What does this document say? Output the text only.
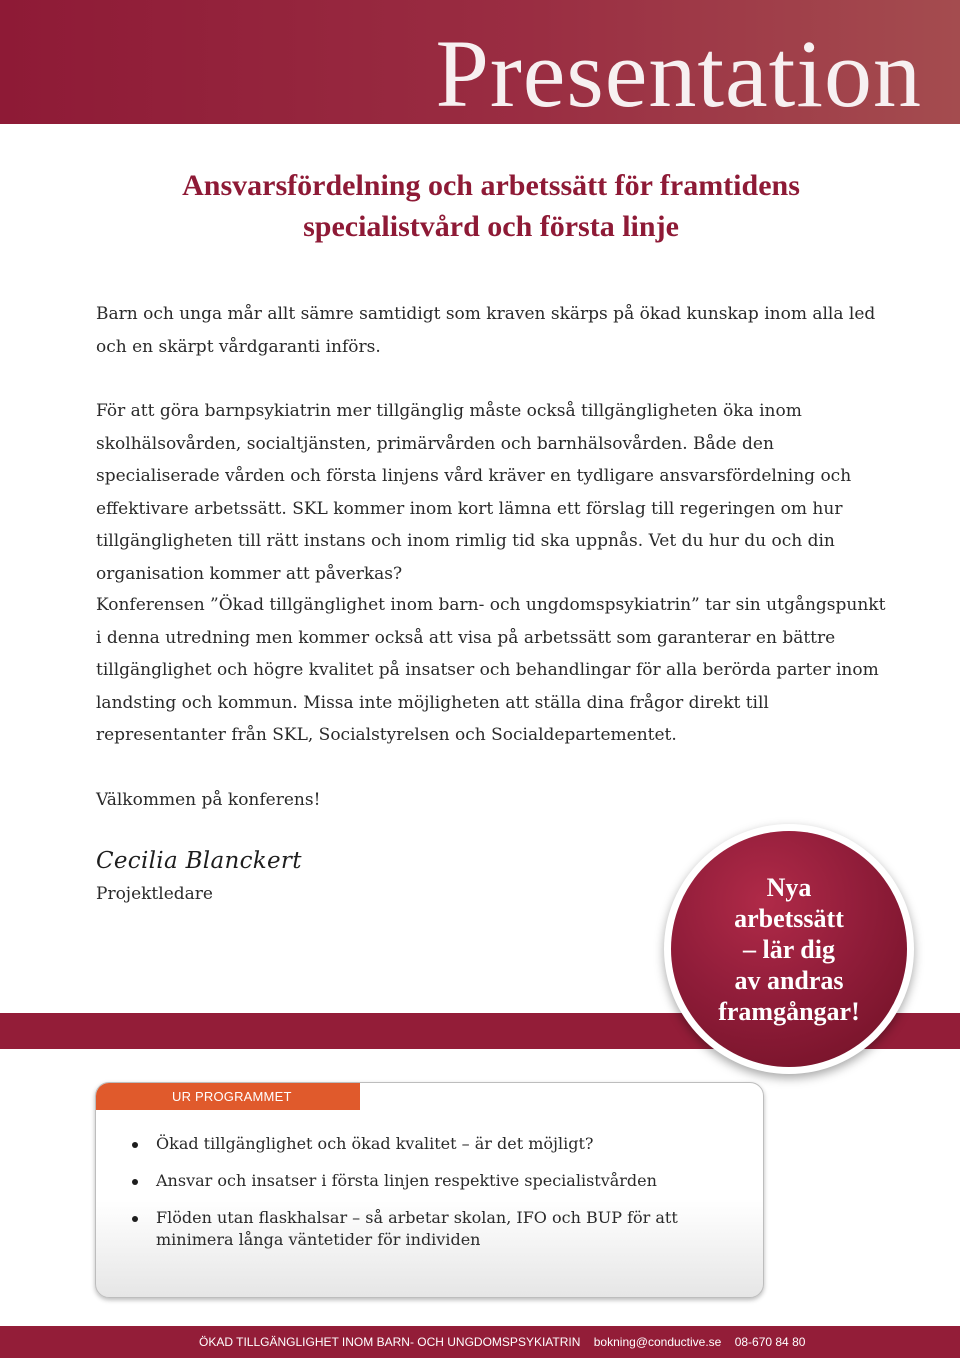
Presentation
Ansvarsfördelning och arbetssätt för framtidens
specialistvård och första linje

Barn och unga mår allt sämre samtidigt som kraven skärps på ökad kunskap inom alla led och en skärpt vårdgaranti införs.

För att göra barnpsykiatrin mer tillgänglig måste också tillgängligheten öka inom skolhälsovården, socialtjänsten, primärvården och barnhälsovården. Både den specialiserade vården och första linjens vård kräver en tydligare ansvarsfördelning och effektivare arbetssätt. SKL kommer inom kort lämna ett förslag till regeringen om hur tillgängligheten till rätt instans och inom rimlig tid ska uppnås. Vet du hur du och din organisation kommer att påverkas?

Konferensen ”Ökad tillgänglighet inom barn- och ungdomspsykiatrin” tar sin utgångspunkt i denna utredning men kommer också att visa på arbetssätt som garanterar en bättre tillgänglighet och högre kvalitet på insatser och behandlingar för alla berörda parter inom landsting och kommun. Missa inte möjligheten att ställa dina frågor direkt till representanter från SKL, Socialstyrelsen och Socialdepartementet.

Välkommen på konferens!

Cecilia Blanckert
Projektledare	Nya
arbetssätt
– lär dig
av andras
framgångar!
UR PROGRAMMET
Ökad tillgänglighet och ökad kvalitet – är det möjligt?
Ansvar och insatser i första linjen respektive specialistvården
Flöden utan flaskhalsar – så arbetar skolan, IFO och BUP för att minimera långa väntetider för individen
ÖKAD TILLGÄNGLIGHET INOM BARN- OCH UNGDOMSPSYKIATRIN bokning@conductive.se 08-670 84 80
